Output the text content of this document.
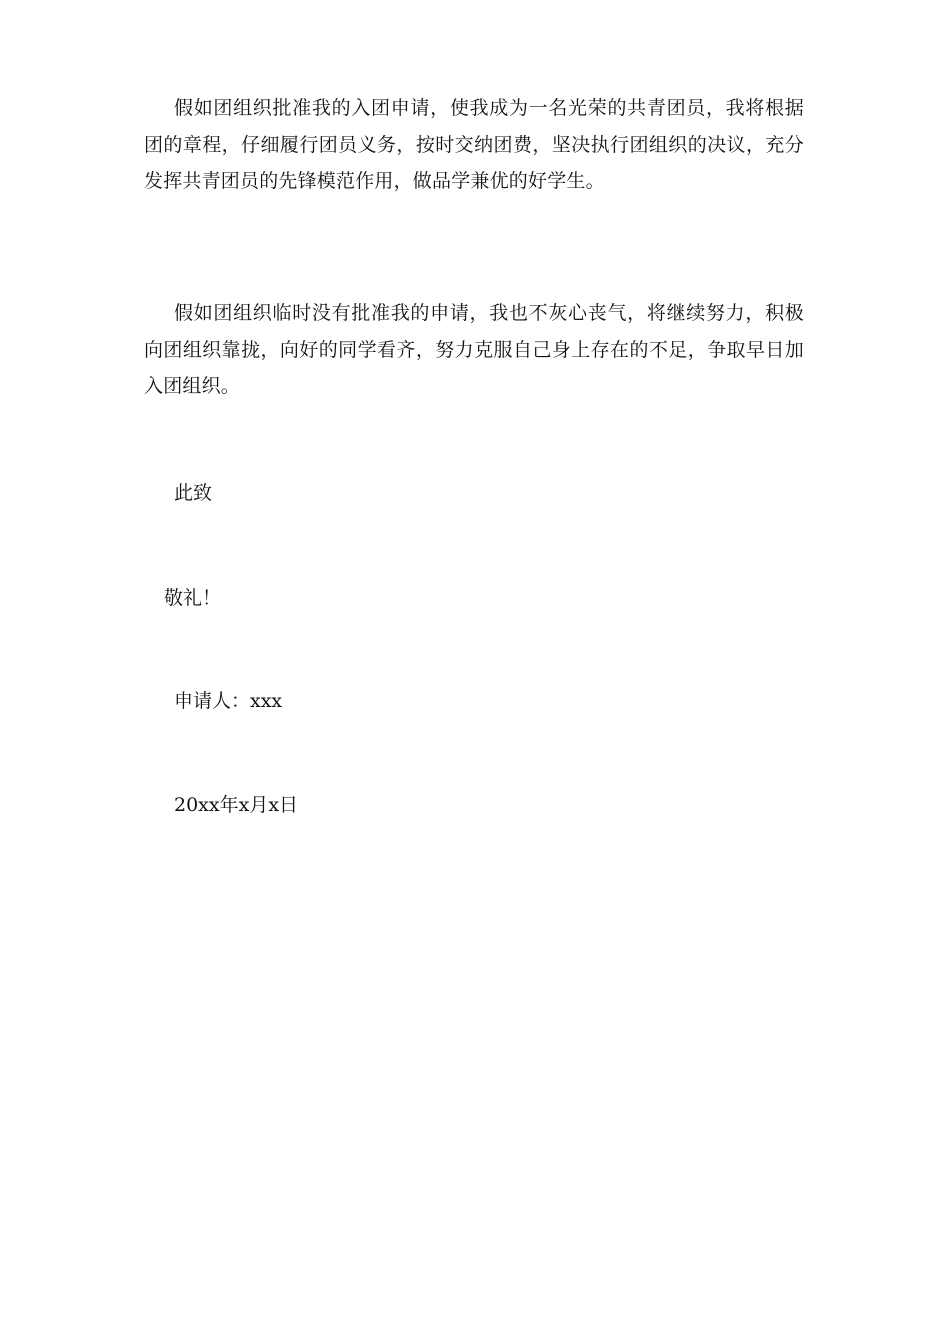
假如团组织批准我的入团申请，使我成为一名光荣的共青团员，我将根据团的章程，仔细履行团员义务，按时交纳团费，坚决执行团组织的决议，充分发挥共青团员的先锋模范作用，做品学兼优的好学生。

假如团组织临时没有批准我的申请，我也不灰心丧气，将继续努力，积极向团组织靠拢，向好的同学看齐，努力克服自己身上存在的不足，争取早日加入团组织。

此致

敬礼！

申请人：xxx

20xx年x月x日
